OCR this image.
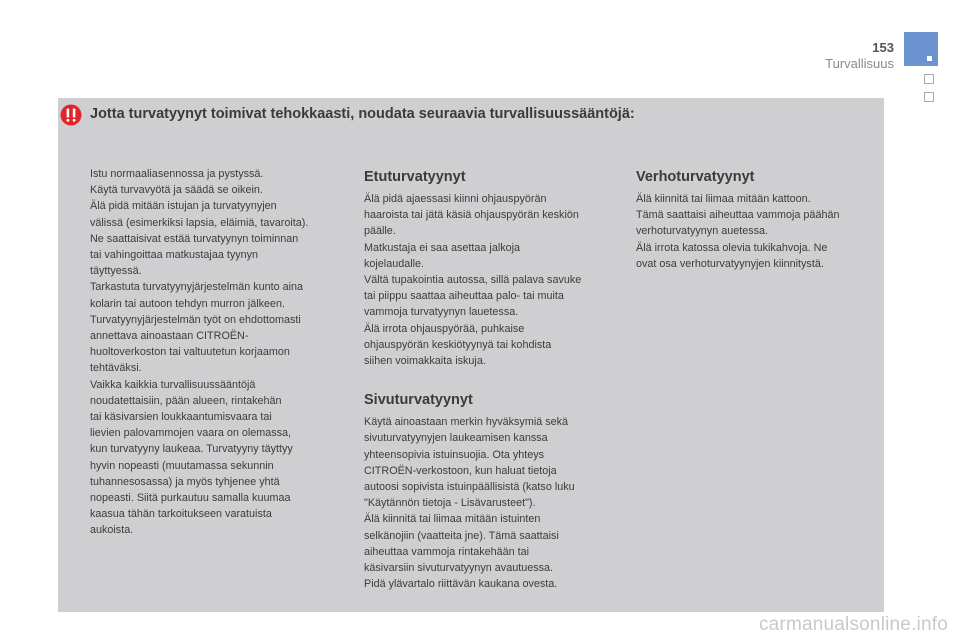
153
Turvallisuus
Jotta turvatyynyt toimivat tehokkaasti, noudata seuraavia turvallisuussääntöjä:

Istu normaaliasennossa ja pystyssä.

Käytä turvavyötä ja säädä se oikein.

Älä pidä mitään istujan ja turvatyynyjen

välissä (esimerkiksi lapsia, eläimiä, tavaroita).

Ne saattaisivat estää turvatyynyn toiminnan

tai vahingoittaa matkustajaa tyynyn

täyttyessä.

Tarkastuta turvatyynyjärjestelmän kunto aina

kolarin tai autoon tehdyn murron jälkeen.

Turvatyynyjärjestelmän työt on ehdottomasti

annettava ainoastaan CITROËN-

huoltoverkoston tai valtuutetun korjaamon

tehtäväksi.

Vaikka kaikkia turvallisuussääntöjä

noudatettaisiin, pään alueen, rintakehän

tai käsivarsien loukkaantumisvaara tai

lievien palovammojen vaara on olemassa,

kun turvatyyny laukeaa. Turvatyyny täyttyy

hyvin nopeasti (muutamassa sekunnin

tuhannesosassa) ja myös tyhjenee yhtä

nopeasti. Siitä purkautuu samalla kuumaa

kaasua tähän tarkoitukseen varatuista

aukoista.

Etuturvatyynyt

Älä pidä ajaessasi kiinni ohjauspyörän

haaroista tai jätä käsiä ohjauspyörän keskiön

päälle.

Matkustaja ei saa asettaa jalkoja

kojelaudalle.

Vältä tupakointia autossa, sillä palava savuke

tai piippu saattaa aiheuttaa palo- tai muita

vammoja turvatyynyn lauetessa.

Älä irrota ohjauspyörää, puhkaise

ohjauspyörän keskiötyynyä tai kohdista

siihen voimakkaita iskuja.

Sivuturvatyynyt

Käytä ainoastaan merkin hyväksymiä sekä

sivuturvatyynyjen laukeamisen kanssa

yhteensopivia istuinsuojia. Ota yhteys

CITROËN-verkostoon, kun haluat tietoja

autoosi sopivista istuinpäällisistä (katso luku

"Käytännön tietoja - Lisävarusteet").

Älä kiinnitä tai liimaa mitään istuinten

selkänojiin (vaatteita jne). Tämä saattaisi

aiheuttaa vammoja rintakehään tai

käsivarsiin sivuturvatyynyn avautuessa.

Pidä ylävartalo riittävän kaukana ovesta.

Verhoturvatyynyt

Älä kiinnitä tai liimaa mitään kattoon.

Tämä saattaisi aiheuttaa vammoja päähän

verhoturvatyynyn auetessa.

Älä irrota katossa olevia tukikahvoja. Ne

ovat osa verhoturvatyynyjen kiinnitystä.

carmanualsonline.info
